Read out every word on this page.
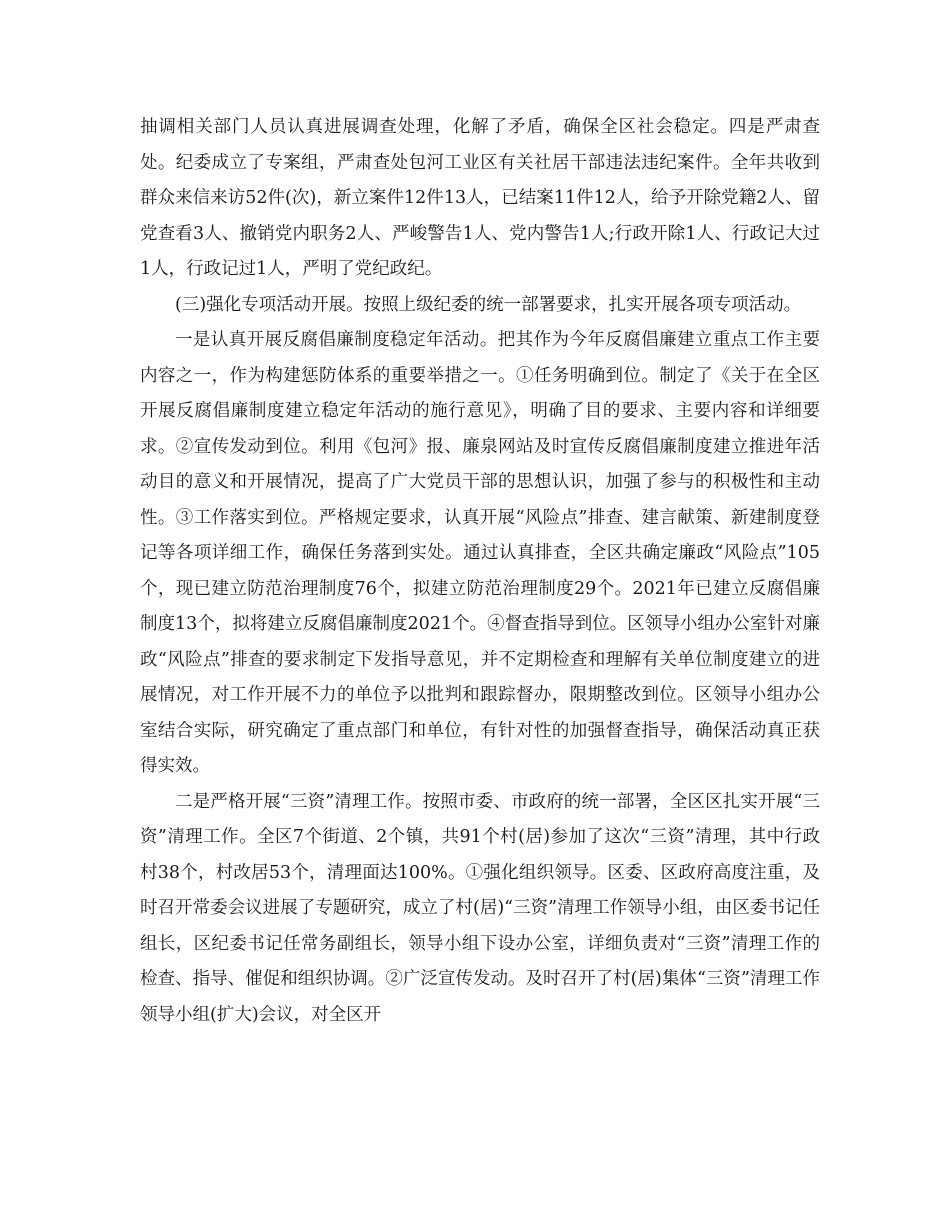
抽调相关部门人员认真进展调查处理，化解了矛盾，确保全区社会稳定。四是严肃查处。纪委成立了专案组，严肃查处包河工业区有关社居干部违法违纪案件。全年共收到群众来信来访52件(次)，新立案件12件13人，已结案11件12人，给予开除党籍2人、留党查看3人、撤销党内职务2人、严峻警告1人、党内警告1人;行政开除1人、行政记大过1人，行政记过1人，严明了党纪政纪。

(三)强化专项活动开展。按照上级纪委的统一部署要求，扎实开展各项专项活动。

一是认真开展反腐倡廉制度稳定年活动。把其作为今年反腐倡廉建立重点工作主要内容之一，作为构建惩防体系的重要举措之一。①任务明确到位。制定了《关于在全区开展反腐倡廉制度建立稳定年活动的施行意见》，明确了目的要求、主要内容和详细要求。②宣传发动到位。利用《包河》报、廉泉网站及时宣传反腐倡廉制度建立推进年活动目的意义和开展情况，提高了广大党员干部的思想认识，加强了参与的积极性和主动性。③工作落实到位。严格规定要求，认真开展“风险点”排查、建言献策、新建制度登记等各项详细工作，确保任务落到实处。通过认真排查，全区共确定廉政“风险点”105个，现已建立防范治理制度76个，拟建立防范治理制度29个。2021年已建立反腐倡廉制度13个，拟将建立反腐倡廉制度2021个。④督查指导到位。区领导小组办公室针对廉政“风险点”排查的要求制定下发指导意见，并不定期检查和理解有关单位制度建立的进展情况，对工作开展不力的单位予以批判和跟踪督办，限期整改到位。区领导小组办公室结合实际，研究确定了重点部门和单位，有针对性的加强督查指导，确保活动真正获得实效。

二是严格开展“三资”清理工作。按照市委、市政府的统一部署，全区区扎实开展“三资”清理工作。全区7个街道、2个镇，共91个村(居)参加了这次“三资”清理，其中行政村38个，村改居53个，清理面达100%。①强化组织领导。区委、区政府高度注重，及时召开常委会议进展了专题研究，成立了村(居)“三资”清理工作领导小组，由区委书记任组长，区纪委书记任常务副组长，领导小组下设办公室，详细负责对“三资”清理工作的检查、指导、催促和组织协调。②广泛宣传发动。及时召开了村(居)集体“三资”清理工作领导小组(扩大)会议，对全区开
